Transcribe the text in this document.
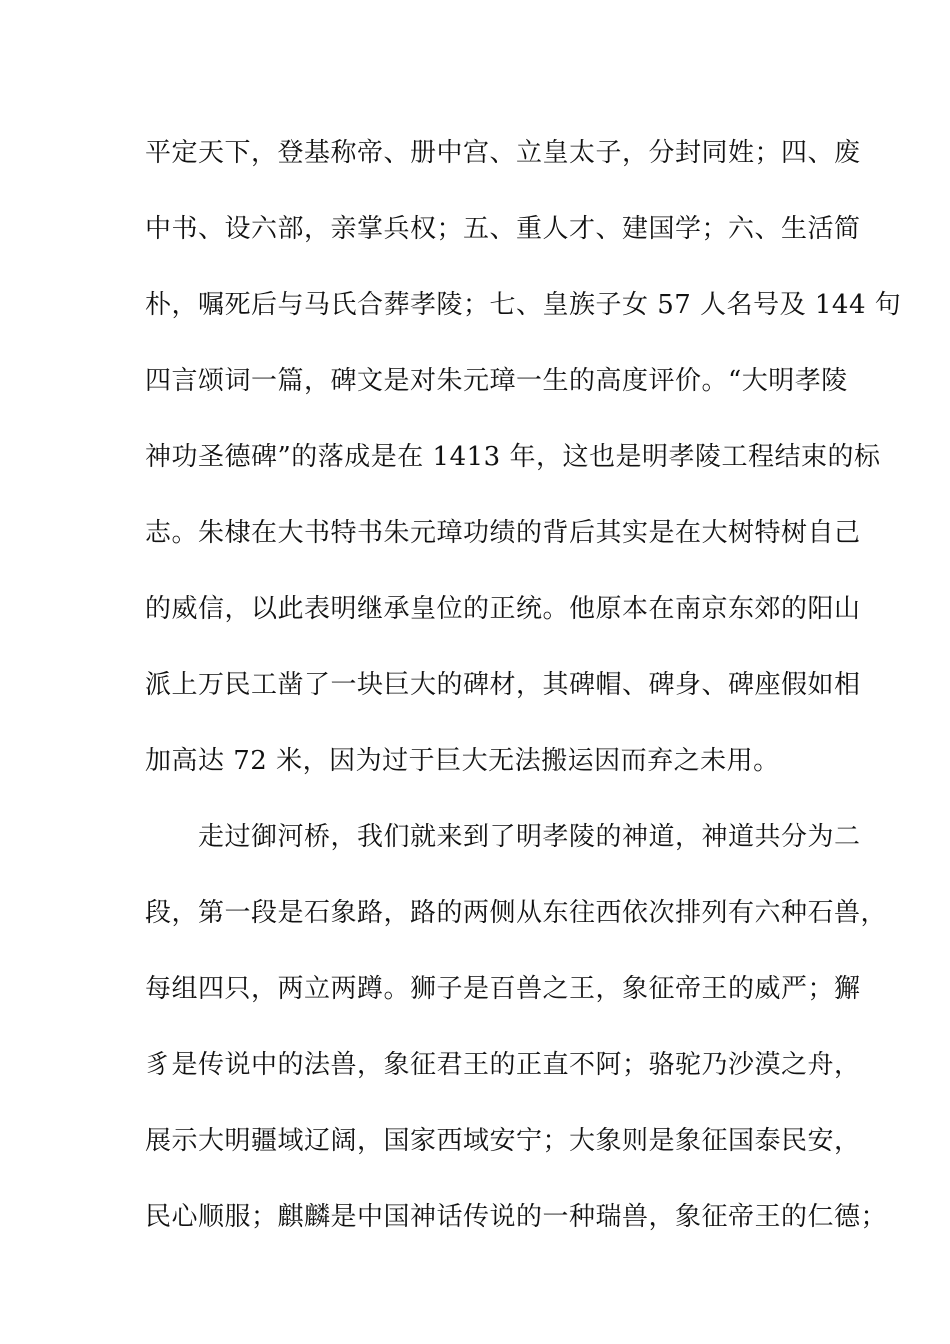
平定天下，登基称帝、册中宫、立皇太子，分封同姓；四、废
中书、设六部，亲掌兵权；五、重人才、建国学；六、生活简
朴，嘱死后与马氏合葬孝陵；七、皇族子女 57 人名号及 144 句
四言颂词一篇，碑文是对朱元璋一生的高度评价。“大明孝陵
神功圣德碑”的落成是在 1413 年，这也是明孝陵工程结束的标
志。朱棣在大书特书朱元璋功绩的背后其实是在大树特树自己
的威信，以此表明继承皇位的正统。他原本在南京东郊的阳山
派上万民工凿了一块巨大的碑材，其碑帽、碑身、碑座假如相
加高达 72 米，因为过于巨大无法搬运因而弃之未用。
　　走过御河桥，我们就来到了明孝陵的神道，神道共分为二
段，第一段是石象路，路的两侧从东往西依次排列有六种石兽，
每组四只，两立两蹲。狮子是百兽之王，象征帝王的威严；獬
豸是传说中的法兽，象征君王的正直不阿；骆驼乃沙漠之舟，
展示大明疆域辽阔，国家西域安宁；大象则是象征国泰民安，
民心顺服；麒麟是中国神话传说的一种瑞兽，象征帝王的仁德；
